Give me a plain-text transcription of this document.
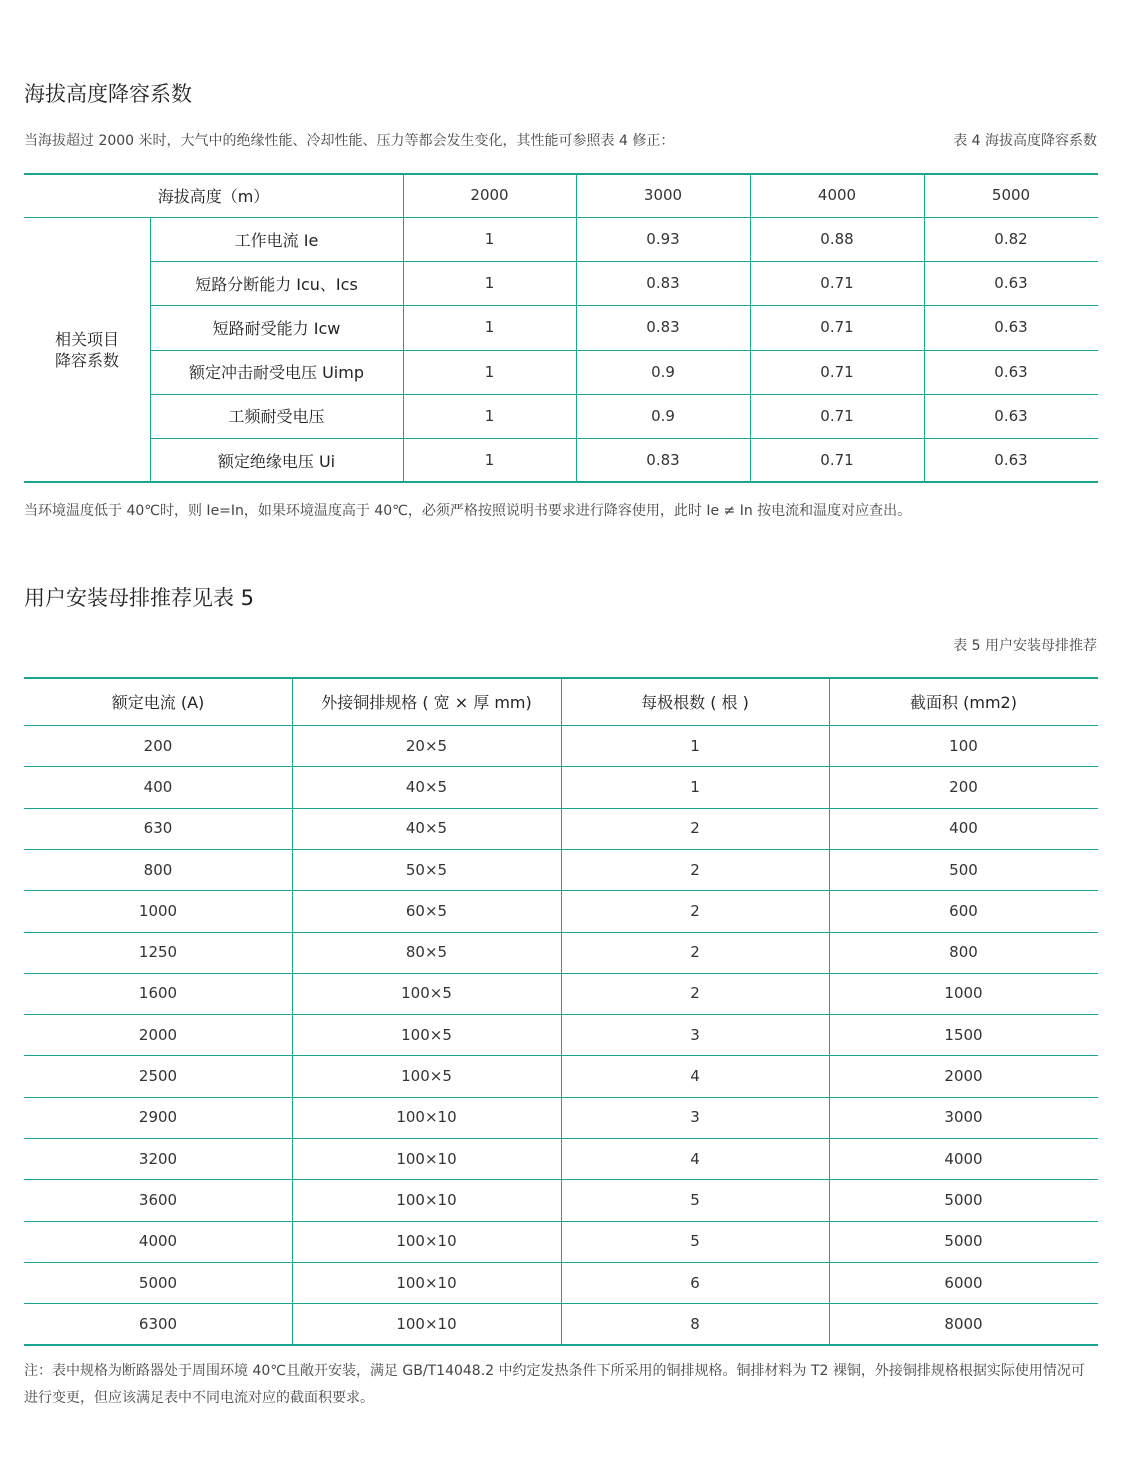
海拔高度降容系数
当海拔超过 2000 米时，大气中的绝缘性能、冷却性能、压力等都会发生变化，其性能可参照表 4 修正：	表 4 海拔高度降容系数
海拔高度（m）	2000	3000	4000	5000
相关项目
降容系数
工作电流 Ie	1	0.93	0.88	0.82
短路分断能力 Icu、Ics	1	0.83	0.71	0.63
短路耐受能力 Icw	1	0.83	0.71	0.63
额定冲击耐受电压 Uimp	1	0.9	0.71	0.63
工频耐受电压	1	0.9	0.71	0.63
额定绝缘电压 Ui	1	0.83	0.71	0.63
当环境温度低于 40℃时，则 Ie=In，如果环境温度高于 40℃，必须严格按照说明书要求进行降容使用，此时 Ie ≠ In 按电流和温度对应查出。
用户安装母排推荐见表 5
表 5 用户安装母排推荐
额定电流 (A)	外接铜排规格 ( 宽 × 厚 mm)	每极根数 ( 根 )	截面积 (mm2)
200	20×5	1	100
400	40×5	1	200
630	40×5	2	400
800	50×5	2	500
1000	60×5	2	600
1250	80×5	2	800
1600	100×5	2	1000
2000	100×5	3	1500
2500	100×5	4	2000
2900	100×10	3	3000
3200	100×10	4	4000
3600	100×10	5	5000
4000	100×10	5	5000
5000	100×10	6	6000
6300	100×10	8	8000
注：表中规格为断路器处于周围环境 40℃且敞开安装，满足 GB/T14048.2 中约定发热条件下所采用的铜排规格。铜排材料为 T2 裸铜，外接铜排规格根据实际使用情况可进行变更，但应该满足表中不同电流对应的截面积要求。
